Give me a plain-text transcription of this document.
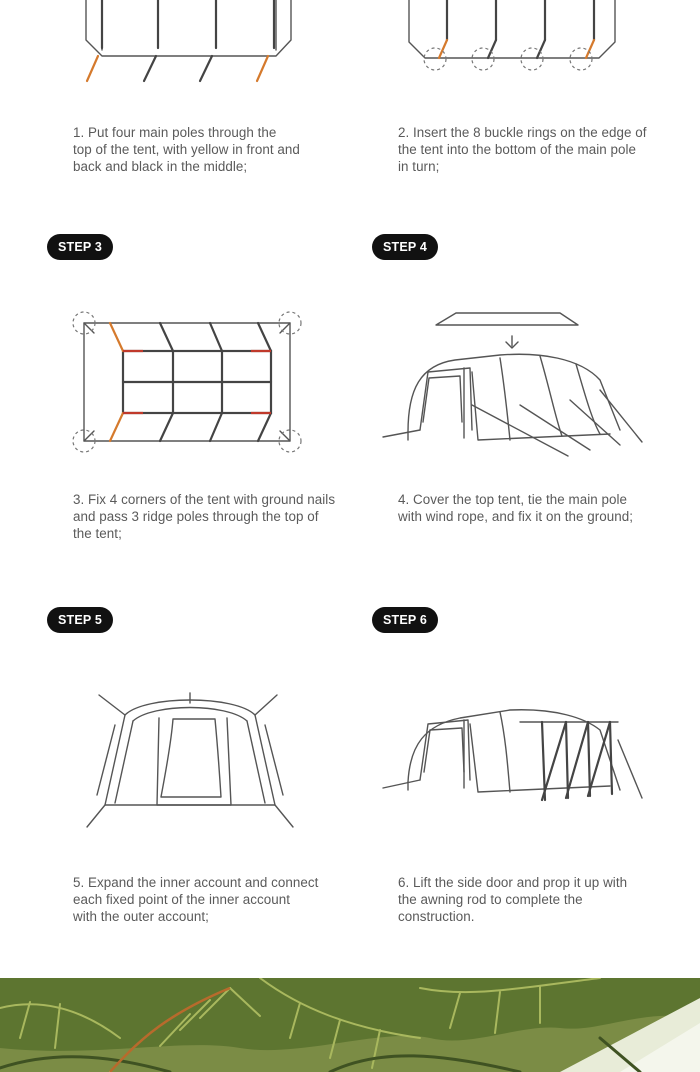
1. Put four main poles through the
top of the tent, with yellow in front and
back and black in the middle;
2. Insert the 8 buckle rings on the edge of
the tent into the bottom of the main pole
in turn;
STEP 3
3. Fix 4 corners of the tent with ground nails
and pass 3 ridge poles through the top of
the tent;
STEP 4
4. Cover the top tent, tie the main pole
with wind rope, and fix it on the ground;
STEP 5
5. Expand the inner account and connect
each fixed point of the inner account
with the outer account;
STEP 6
6. Lift the side door and prop it up with
the awning rod to complete the
construction.
